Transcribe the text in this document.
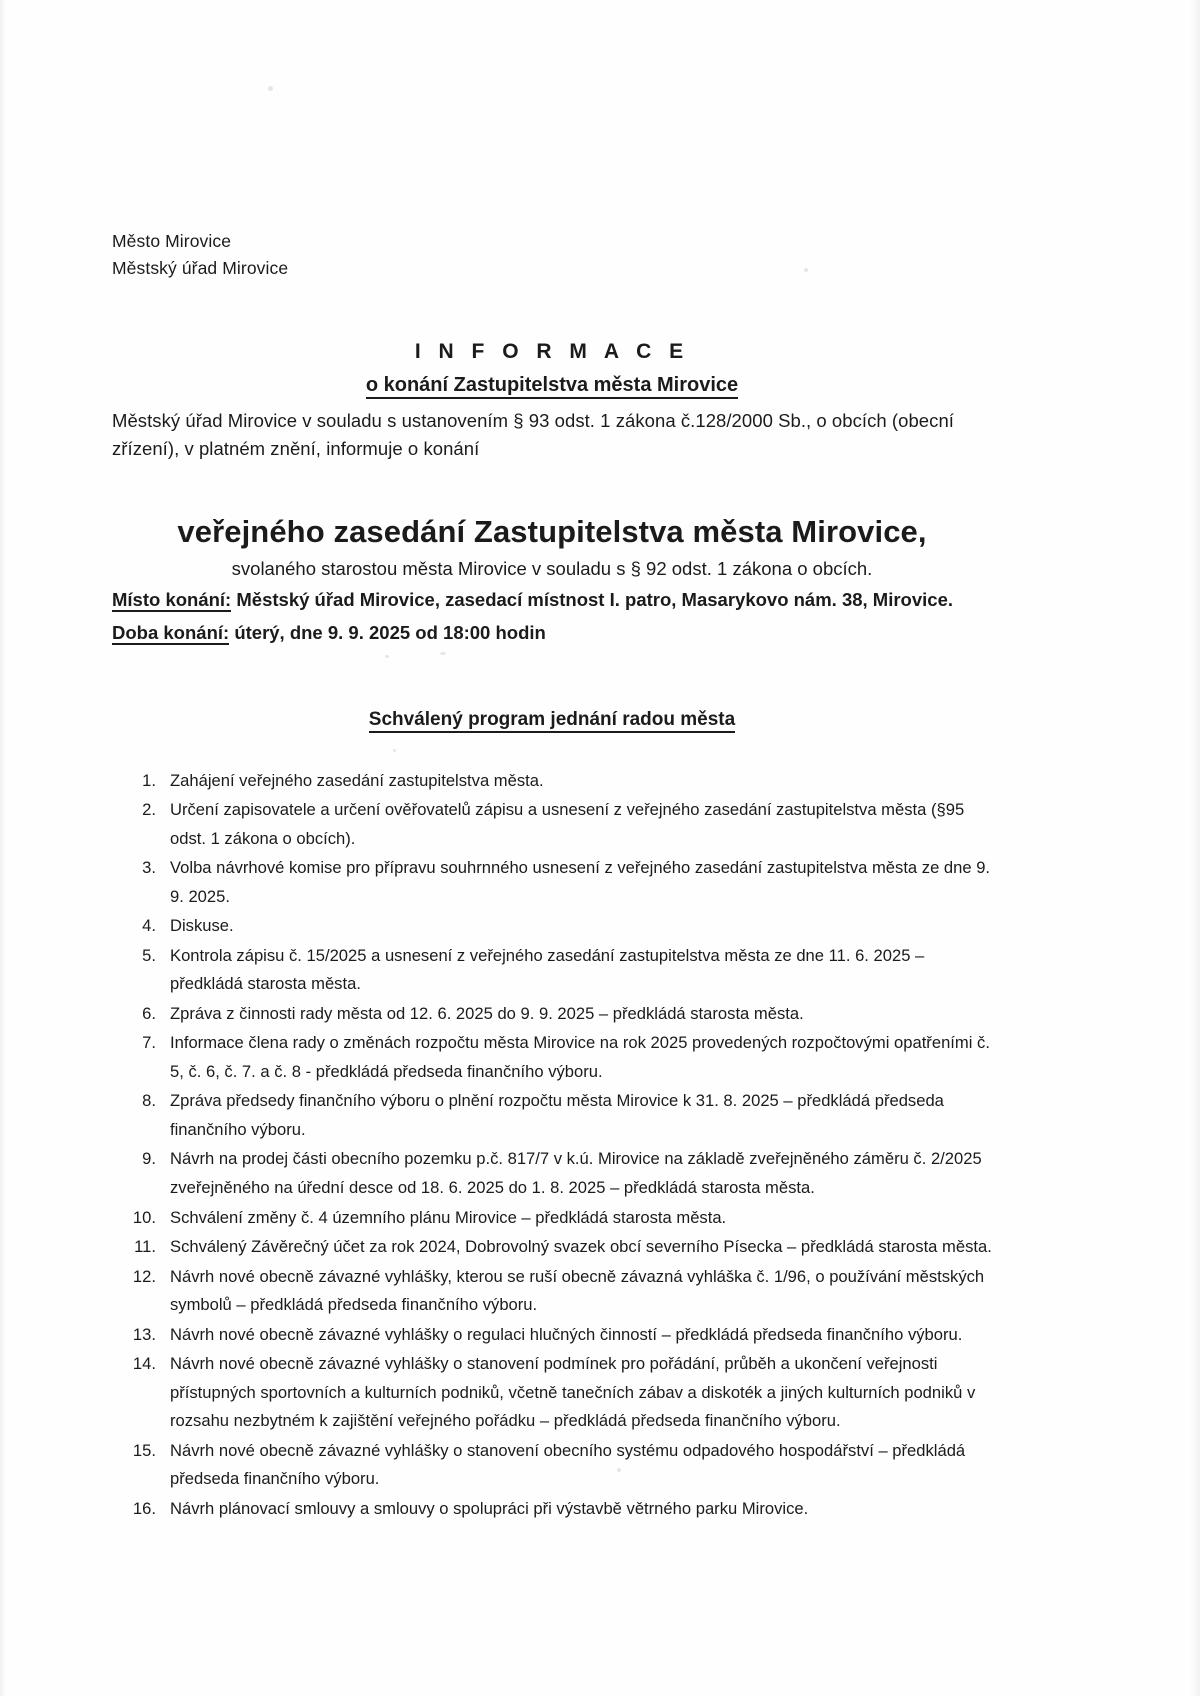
Město Mirovice
Městský úřad Mirovice
I N F O R M A C E
o konání Zastupitelstva města Mirovice

Městský úřad Mirovice v souladu s ustanovením § 93 odst. 1 zákona č.128/2000 Sb., o obcích (obecní zřízení), v platném znění, informuje o konání

veřejného zasedání Zastupitelstva města Mirovice,
svolaného starostou města Mirovice v souladu s § 92 odst. 1 zákona o obcích.
Místo konání: Městský úřad Mirovice, zasedací místnost I. patro, Masarykovo nám. 38, Mirovice.
Doba konání: úterý, dne 9. 9. 2025 od 18:00 hodin
Schválený program jednání radou města
Zahájení veřejného zasedání zastupitelstva města.
Určení zapisovatele a určení ověřovatelů zápisu a usnesení z veřejného zasedání zastupitelstva města (§95 odst. 1 zákona o obcích).
Volba návrhové komise pro přípravu souhrnného usnesení z veřejného zasedání zastupitelstva města ze dne 9. 9. 2025.
Diskuse.
Kontrola zápisu č. 15/2025 a usnesení z veřejného zasedání zastupitelstva města ze dne 11. 6. 2025 – předkládá starosta města.
Zpráva z činnosti rady města od 12. 6. 2025 do 9. 9. 2025 – předkládá starosta města.
Informace člena rady o změnách rozpočtu města Mirovice na rok 2025 provedených rozpočtovými opatřeními č. 5, č. 6, č. 7. a č. 8 - předkládá předseda finančního výboru.
Zpráva předsedy finančního výboru o plnění rozpočtu města Mirovice k 31. 8. 2025 – předkládá předseda finančního výboru.
Návrh na prodej části obecního pozemku p.č. 817/7 v k.ú. Mirovice na základě zveřejněného záměru č. 2/2025 zveřejněného na úřední desce od 18. 6. 2025 do 1. 8. 2025 – předkládá starosta města.
Schválení změny č. 4 územního plánu Mirovice – předkládá starosta města.
Schválený Závěrečný účet za rok 2024, Dobrovolný svazek obcí severního Písecka – předkládá starosta města.
Návrh nové obecně závazné vyhlášky, kterou se ruší obecně závazná vyhláška č. 1/96, o používání městských symbolů – předkládá předseda finančního výboru.
Návrh nové obecně závazné vyhlášky o regulaci hlučných činností – předkládá předseda finančního výboru.
Návrh nové obecně závazné vyhlášky o stanovení podmínek pro pořádání, průběh a ukončení veřejnosti přístupných sportovních a kulturních podniků, včetně tanečních zábav a diskoték a jiných kulturních podniků v rozsahu nezbytném k zajištění veřejného pořádku – předkládá předseda finančního výboru.
Návrh nové obecně závazné vyhlášky o stanovení obecního systému odpadového hospodářství – předkládá předseda finančního výboru.
Návrh plánovací smlouvy a smlouvy o spolupráci při výstavbě větrného parku Mirovice.
